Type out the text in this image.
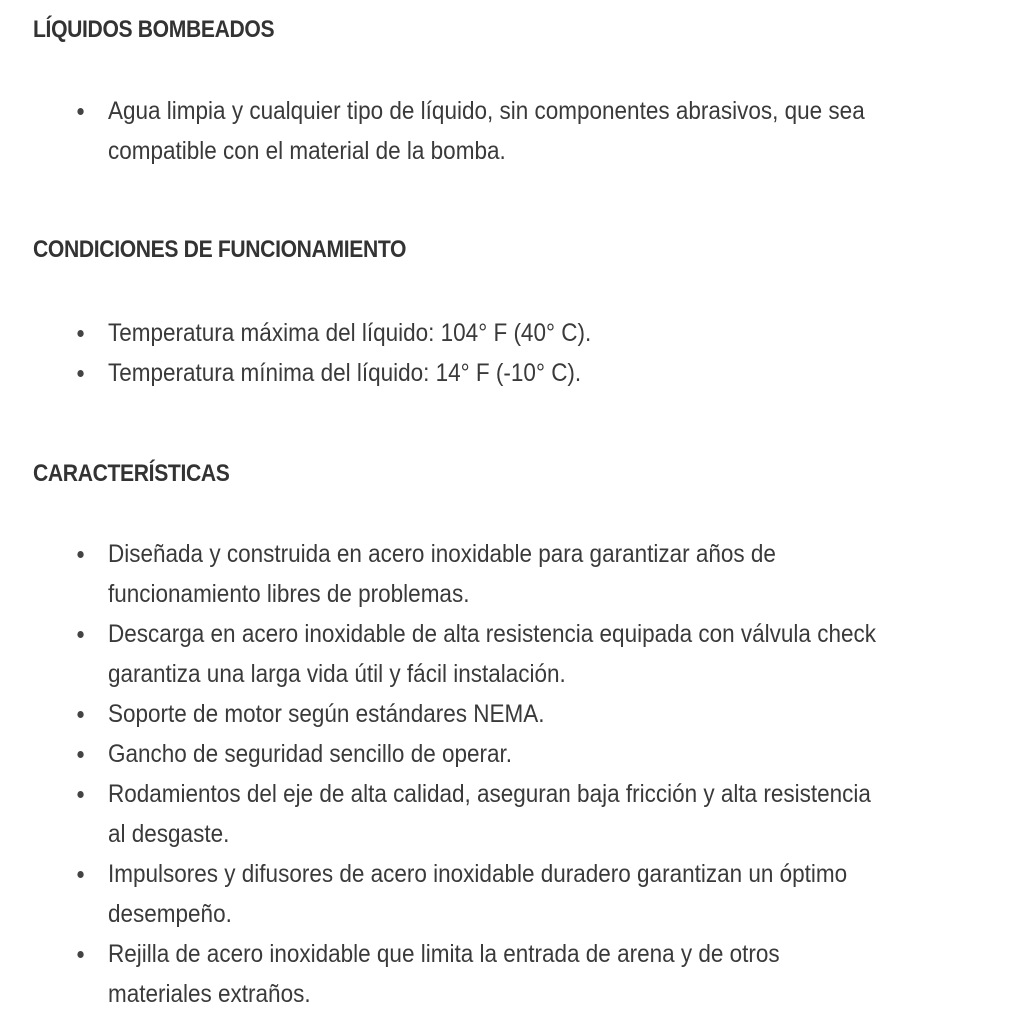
LÍQUIDOS BOMBEADOS
Agua limpia y cualquier tipo de líquido, sin componentes abrasivos, que sea compatible con el material de la bomba.
CONDICIONES DE FUNCIONAMIENTO
Temperatura máxima del líquido: 104° F (40° C).
Temperatura mínima del líquido: 14° F (-10° C).
CARACTERÍSTICAS
Diseñada y construida en acero inoxidable para garantizar años de funcionamiento libres de problemas.
Descarga en acero inoxidable de alta resistencia equipada con válvula check garantiza una larga vida útil y fácil instalación.
Soporte de motor según estándares NEMA.
Gancho de seguridad sencillo de operar.
Rodamientos del eje de alta calidad, aseguran baja fricción y alta resistencia al desgaste.
Impulsores y difusores de acero inoxidable duradero garantizan un óptimo desempeño.
Rejilla de acero inoxidable que limita la entrada de arena y de otros materiales extraños.
